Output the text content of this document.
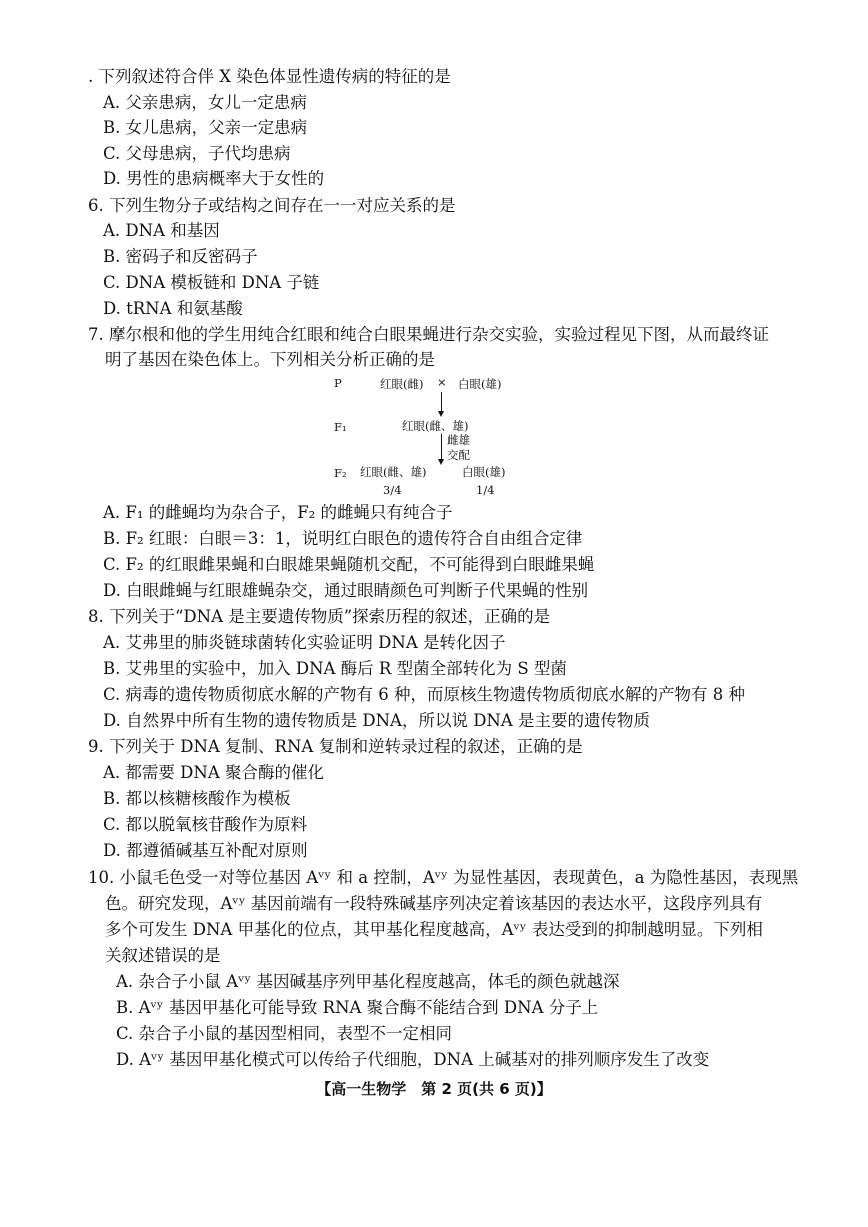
. 下列叙述符合伴 X 染色体显性遗传病的特征的是
A. 父亲患病，女儿一定患病
B. 女儿患病，父亲一定患病
C. 父母患病，子代均患病
D. 男性的患病概率大于女性的
6. 下列生物分子或结构之间存在一一对应关系的是
A. DNA 和基因
B. 密码子和反密码子
C. DNA 模板链和 DNA 子链
D. tRNA 和氨基酸
7. 摩尔根和他的学生用纯合红眼和纯合白眼果蝇进行杂交实验，实验过程见下图，从而最终证
明了基因在染色体上。下列相关分析正确的是
P	红眼(雌) × 白眼(雄)
F₁	红眼(雌、雄)
雌雄
交配
F₂ 红眼(雌、雄)	白眼(雄)
3/4	1/4
A. F₁ 的雌蝇均为杂合子，F₂ 的雌蝇只有纯合子
B. F₂ 红眼：白眼＝3：1，说明红白眼色的遗传符合自由组合定律
C. F₂ 的红眼雌果蝇和白眼雄果蝇随机交配，不可能得到白眼雌果蝇
D. 白眼雌蝇与红眼雄蝇杂交，通过眼睛颜色可判断子代果蝇的性别
8. 下列关于“DNA 是主要遗传物质”探索历程的叙述，正确的是
A. 艾弗里的肺炎链球菌转化实验证明 DNA 是转化因子
B. 艾弗里的实验中，加入 DNA 酶后 R 型菌全部转化为 S 型菌
C. 病毒的遗传物质彻底水解的产物有 6 种，而原核生物遗传物质彻底水解的产物有 8 种
D. 自然界中所有生物的遗传物质是 DNA，所以说 DNA 是主要的遗传物质
9. 下列关于 DNA 复制、RNA 复制和逆转录过程的叙述，正确的是
A. 都需要 DNA 聚合酶的催化
B. 都以核糖核酸作为模板
C. 都以脱氧核苷酸作为原料
D. 都遵循碱基互补配对原则
10. 小鼠毛色受一对等位基因 Aᵛʸ 和 a 控制，Aᵛʸ 为显性基因，表现黄色，a 为隐性基因，表现黑
色。研究发现，Aᵛʸ 基因前端有一段特殊碱基序列决定着该基因的表达水平，这段序列具有
多个可发生 DNA 甲基化的位点，其甲基化程度越高，Aᵛʸ 表达受到的抑制越明显。下列相
关叙述错误的是
A. 杂合子小鼠 Aᵛʸ 基因碱基序列甲基化程度越高，体毛的颜色就越深
B. Aᵛʸ 基因甲基化可能导致 RNA 聚合酶不能结合到 DNA 分子上
C. 杂合子小鼠的基因型相同，表型不一定相同
D. Aᵛʸ 基因甲基化模式可以传给子代细胞，DNA 上碱基对的排列顺序发生了改变
【高一生物学　第 2 页(共 6 页)】
